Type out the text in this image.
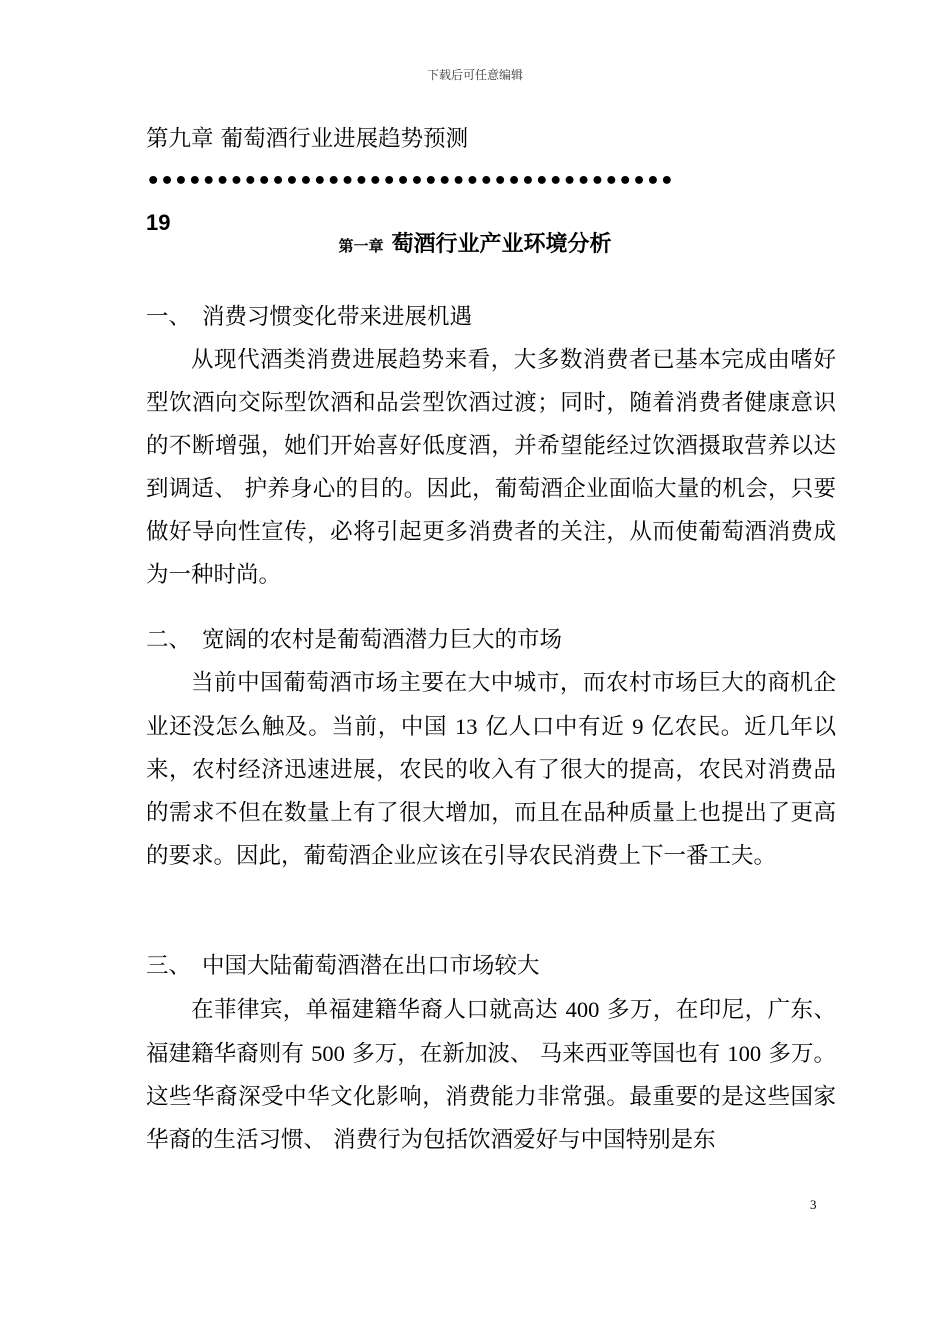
下载后可任意编辑
第九章 葡萄酒行业进展趋势预测••••••••••••••••••••••••••••••••••••••
19
第一章 萄酒行业产业环境分析

一、 消费习惯变化带来进展机遇

从现代酒类消费进展趋势来看，大多数消费者已基本完成由嗜好型饮酒向交际型饮酒和品尝型饮酒过渡；同时，随着消费者健康意识的不断增强，她们开始喜好低度酒，并希望能经过饮酒摄取营养以达到调适、 护养身心的目的。因此，葡萄酒企业面临大量的机会，只要做好导向性宣传，必将引起更多消费者的关注，从而使葡萄酒消费成为一种时尚。

二、 宽阔的农村是葡萄酒潜力巨大的市场

当前中国葡萄酒市场主要在大中城市，而农村市场巨大的商机企业还没怎么触及。当前，中国 13 亿人口中有近 9 亿农民。近几年以来，农村经济迅速进展，农民的收入有了很大的提高，农民对消费品的需求不但在数量上有了很大增加，而且在品种质量上也提出了更高的要求。因此，葡萄酒企业应该在引导农民消费上下一番工夫。

三、 中国大陆葡萄酒潜在出口市场较大

在菲律宾，单福建籍华裔人口就高达 400 多万，在印尼，广东、 福建籍华裔则有 500 多万，在新加波、 马来西亚等国也有 100 多万。这些华裔深受中华文化影响，消费能力非常强。最重要的是这些国家华裔的生活习惯、 消费行为包括饮酒爱好与中国特别是东

3
